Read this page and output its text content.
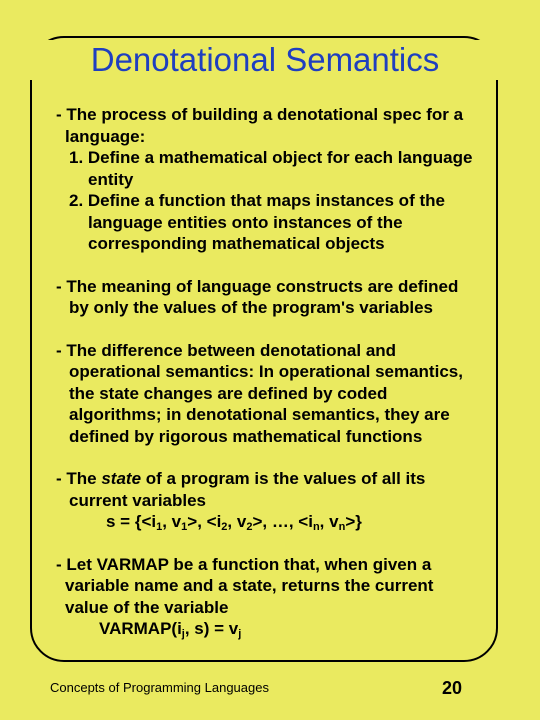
Denotational Semantics
- The process of building a denotational spec for a
language:
1. Define a mathematical object for each language
entity
2. Define a function that maps instances of the
language entities onto instances of the
corresponding mathematical objects
- The meaning of language constructs are defined
by only the values of the program's variables
- The difference between denotational and
operational semantics: In operational semantics,
the state changes are defined by coded
algorithms; in denotational semantics, they are
defined by rigorous mathematical functions
- The state of a program is the values of all its
current variables
$s = \{<i_1$, $v_1>$, $<i_2$, $v_2>$, …, $<i_n$, $v_n>$}
- Let VARMAP be a function that, when given a
variable name and a state, returns the current
value of the variable
$VARMAP(i_j$, $s) = v_j$
Concepts of Programming Languages	20
